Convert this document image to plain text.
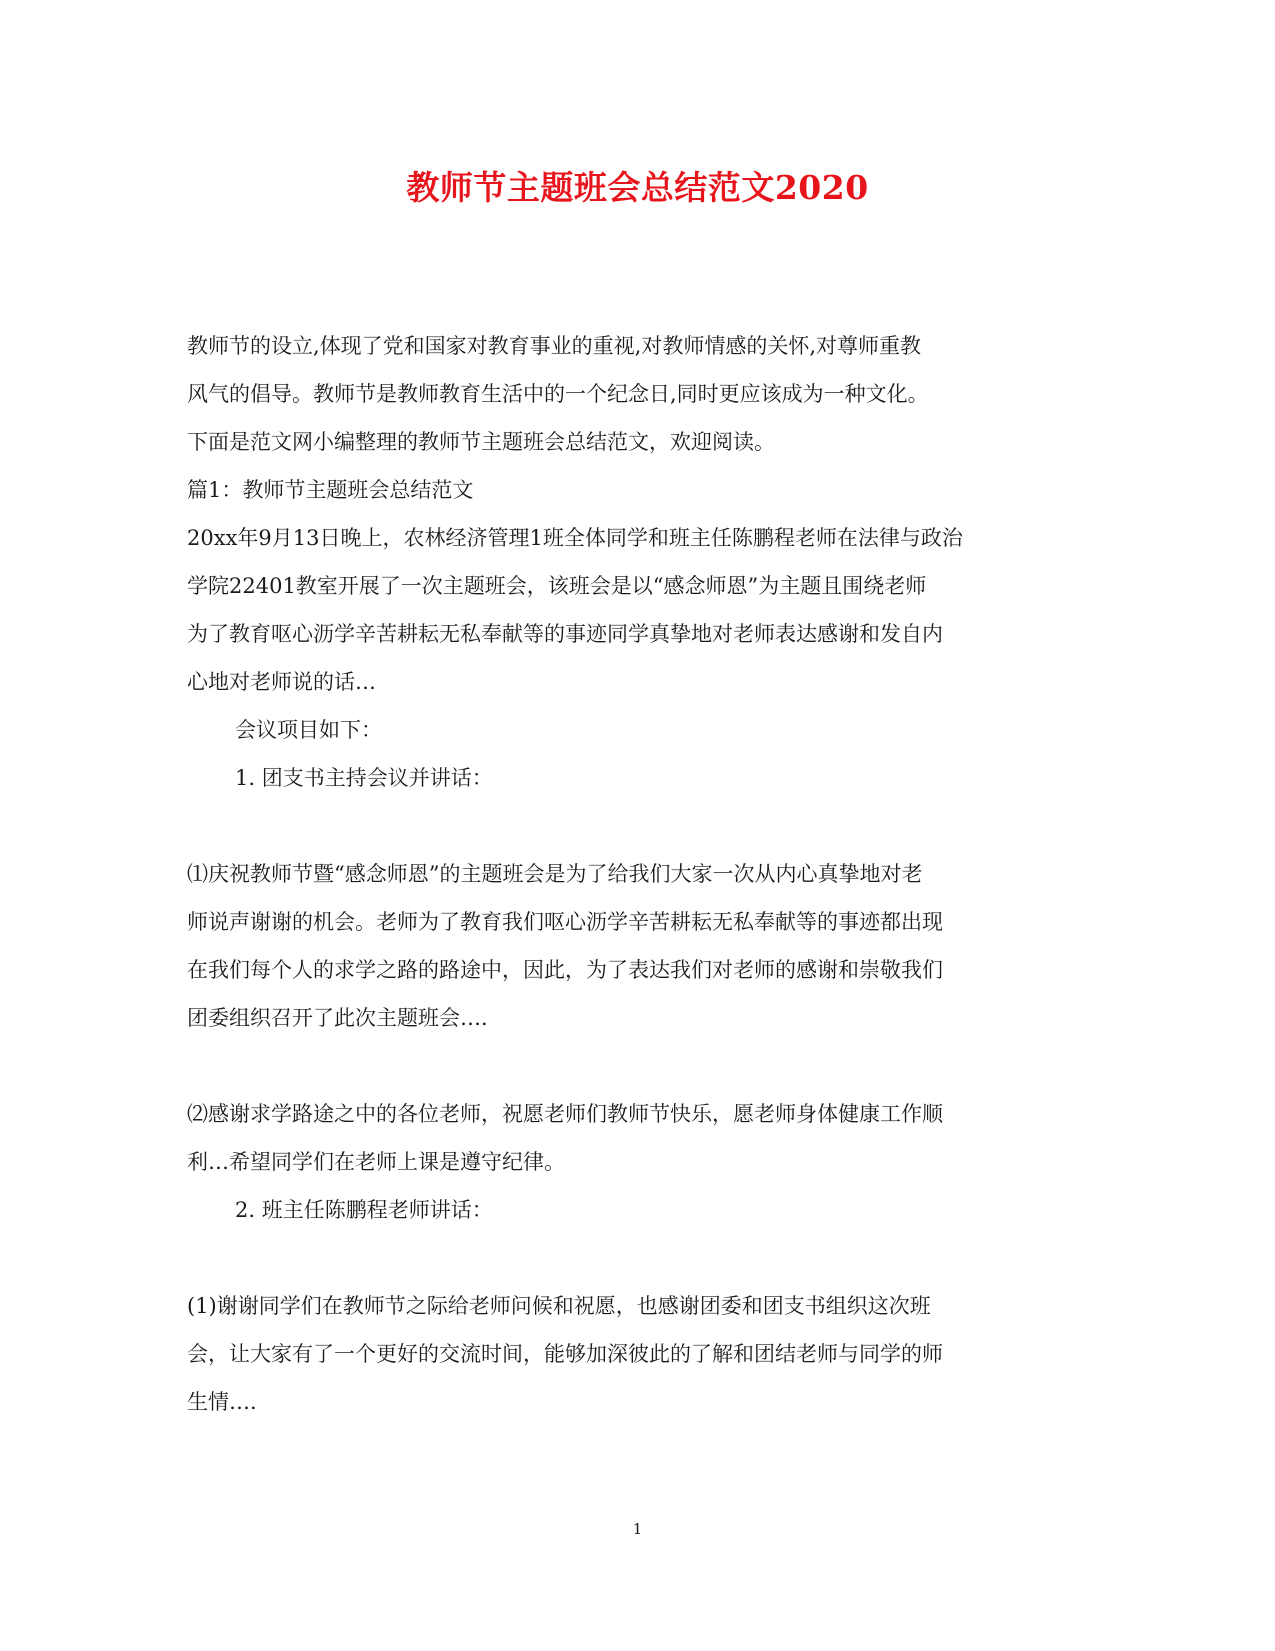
教师节主题班会总结范文2020
教师节的设立,体现了党和国家对教育事业的重视,对教师情感的关怀,对尊师重教
风气的倡导。教师节是教师教育生活中的一个纪念日,同时更应该成为一种文化。
下面是范文网小编整理的教师节主题班会总结范文，欢迎阅读。
篇1：教师节主题班会总结范文
20xx年9月13日晚上，农林经济管理1班全体同学和班主任陈鹏程老师在法律与政治
学院22401教室开展了一次主题班会，该班会是以“感念师恩”为主题且围绕老师
为了教育呕心沥学辛苦耕耘无私奉献等的事迹同学真挚地对老师表达感谢和发自内
心地对老师说的话…
会议项目如下：
1. 团支书主持会议并讲话：
⑴庆祝教师节暨“感念师恩”的主题班会是为了给我们大家一次从内心真挚地对老
师说声谢谢的机会。老师为了教育我们呕心沥学辛苦耕耘无私奉献等的事迹都出现
在我们每个人的求学之路的路途中，因此，为了表达我们对老师的感谢和崇敬我们
团委组织召开了此次主题班会….
⑵感谢求学路途之中的各位老师，祝愿老师们教师节快乐，愿老师身体健康工作顺
利…希望同学们在老师上课是遵守纪律。
2. 班主任陈鹏程老师讲话：
(1)谢谢同学们在教师节之际给老师问候和祝愿，也感谢团委和团支书组织这次班
会，让大家有了一个更好的交流时间，能够加深彼此的了解和团结老师与同学的师
生情….
1
